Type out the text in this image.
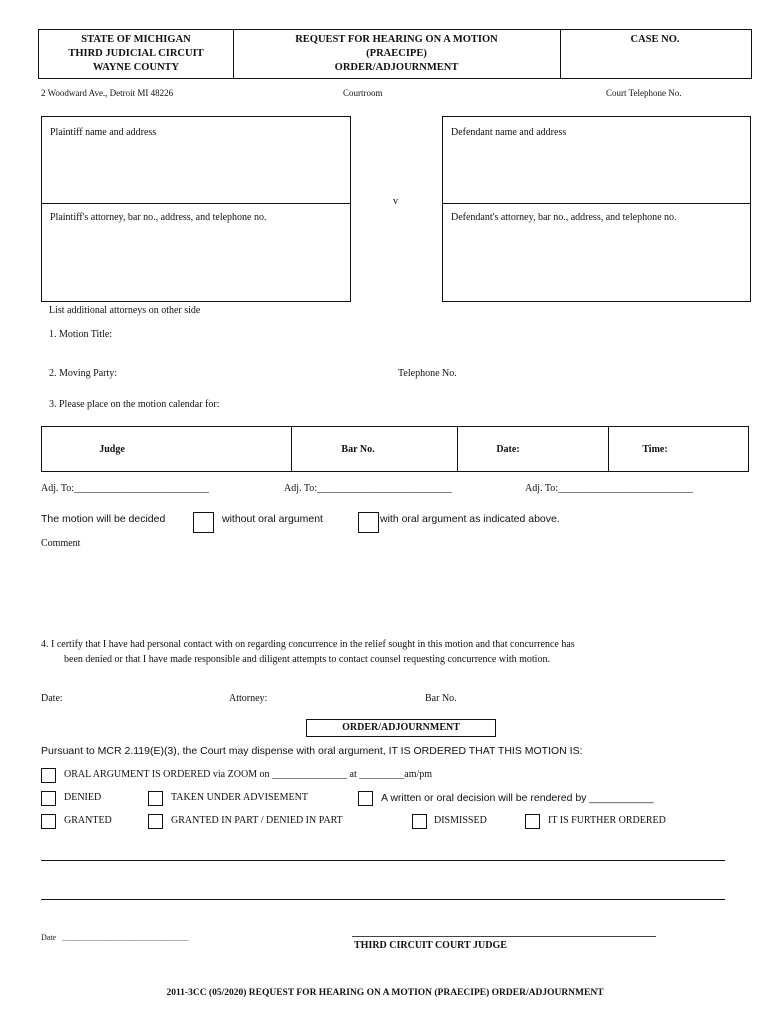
STATE OF MICHIGAN
THIRD JUDICIAL CIRCUIT
WAYNE COUNTY
REQUEST FOR HEARING ON A MOTION
(PRAECIPE)
ORDER/ADJOURNMENT
CASE NO.
2 Woodward Ave., Detroit MI 48226	Courtroom	Court Telephone No.
Plaintiff name and address
Plaintiff's attorney, bar no., address, and telephone no.
v
Defendant name and address
Defendant's attorney, bar no., address, and telephone no.
List additional attorneys on other side
1. Motion Title:
2. Moving Party:	Telephone No.
3. Please place on the motion calendar for:
Judge	Bar No.	Date:	Time:
Adj. To:___________________________	Adj. To:___________________________	Adj. To:___________________________
The motion will be decided	without oral argument	with oral argument as indicated above.
Comment
4. I certify that I have had personal contact with on regarding concurrence in the relief sought in this motion and that concurrence has
been denied or that I have made responsible and diligent attempts to contact counsel requesting concurrence with motion.
Date:	Attorney:	Bar No.
ORDER/ADJOURNMENT
Pursuant to MCR 2.119(E)(3), the Court may dispense with oral argument, IT IS ORDERED THAT THIS MOTION IS:
ORAL ARGUMENT IS ORDERED via ZOOM on _______________ at _________am/pm
DENIED	TAKEN UNDER ADVISEMENT	A written or oral decision will be rendered by ___________
GRANTED	GRANTED IN PART / DENIED IN PART	DISMISSED	IT IS FURTHER ORDERED
Date ____________________________________
THIRD CIRCUIT COURT JUDGE
2011-3CC (05/2020) REQUEST FOR HEARING ON A MOTION (PRAECIPE) ORDER/ADJOURNMENT
